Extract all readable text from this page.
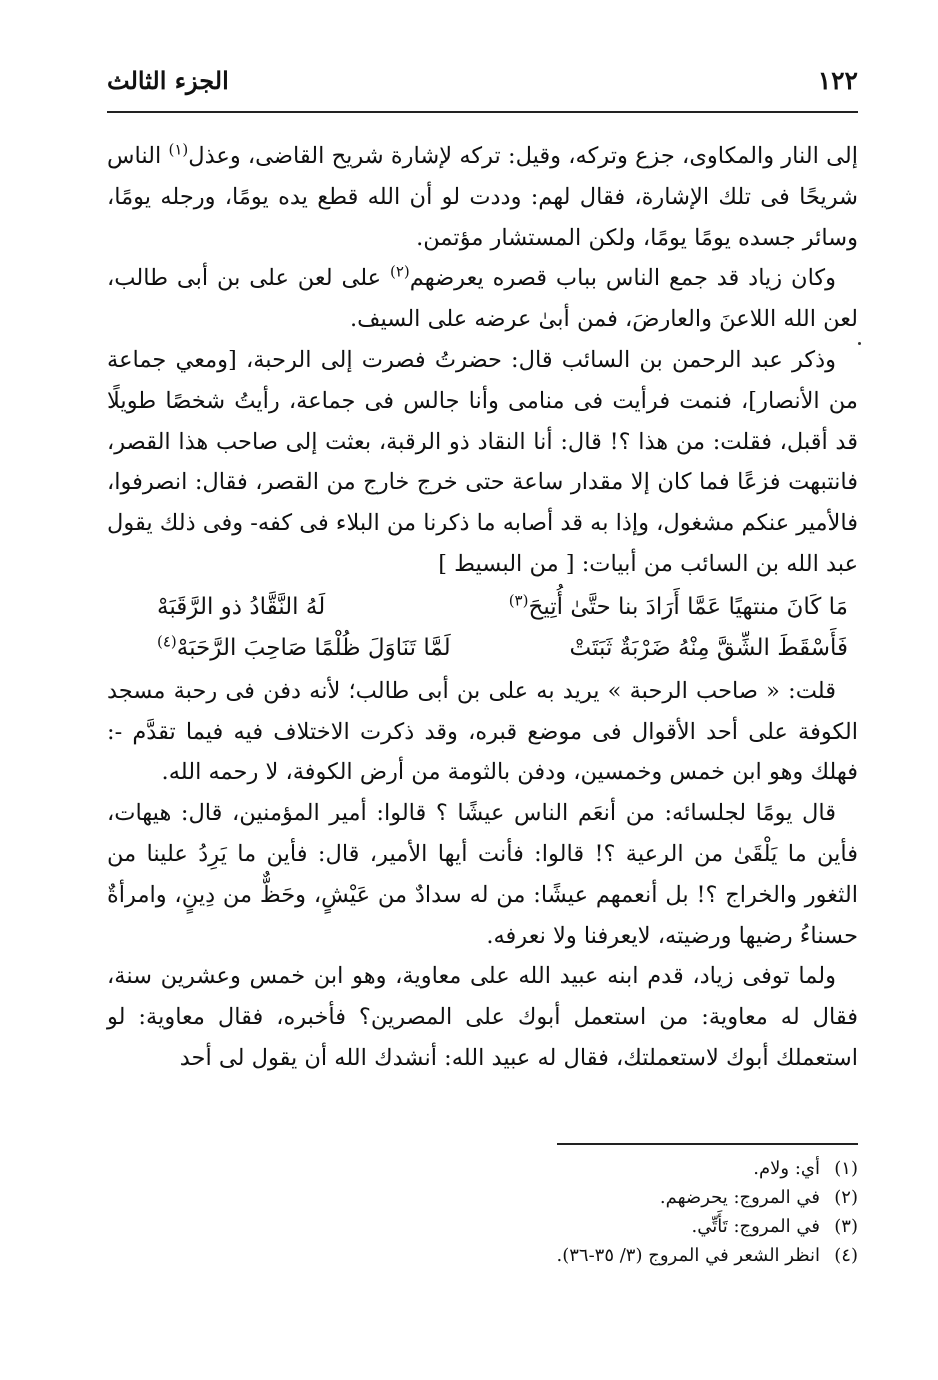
١٢٢
الجزء الثالث

إلى النار والمكاوى، جزع وتركه، وقيل: تركه لإشارة شريح القاضى، وعذل$^{(١)}$ الناس شريحًا فى تلك الإشارة، فقال لهم: وددت لو أن الله قطع يده يومًا، ورجله يومًا، وسائر جسده يومًا يومًا، ولكن المستشار مؤتمن.

وكان زياد قد جمع الناس بباب قصره يعرضهم$^{(٢)}$ على لعن على بن أبى طالب، لعن الله اللاعنَ والعارضَ، فمن أبىٰ عرضه على السيف.

وذكر عبد الرحمن بن السائب قال: حضرتُ فصرت إلى الرحبة، [ومعي جماعة من الأنصار]، فنمت فرأيت فى منامى وأنا جالس فى جماعة، رأيتُ شخصًا طويلًا قد أقبل، فقلت: من هذا ؟! قال: أنا النقاد ذو الرقبة، بعثت إلى صاحب هذا القصر، فانتبهت فزعًا فما كان إلا مقدار ساعة حتى خرج خارج من القصر، فقال: انصرفوا، فالأمير عنكم مشغول، وإذا به قد أصابه ما ذكرنا من البلاء فى كفه- وفى ذلك يقول عبد الله بن السائب من أبيات: [ من البسيط ]

مَا كَانَ منتهيًا عَمَّا أَرَادَ بنا حتَّىٰ أُتِيحَ$^{(٣)}$
لَهُ النَّقَّادُ ذو الرَّقَبَهْ
فَأَسْقَطَ الشِّقَّ مِنْهُ ضَرْبَةٌ ثَبَتَتْ
لَمَّا تَنَاوَلَ ظُلْمًا صَاحِبَ الرَّحَبَهْ$^{(٤)}$

قلت: « صاحب الرحبة » يريد به على بن أبى طالب؛ لأنه دفن فى رحبة مسجد الكوفة على أحد الأقوال فى موضع قبره، وقد ذكرت الاختلاف فيه فيما تقدَّم -: فهلك وهو ابن خمس وخمسين، ودفن بالثومة من أرض الكوفة، لا رحمه الله.

قال يومًا لجلسائه: من أنعَم الناس عيشًا ؟ قالوا: أمير المؤمنين، قال: هيهات، فأين ما يَلْقَىٰ من الرعية ؟! قالوا: فأنت أيها الأمير، قال: فأين ما يَرِدُ علينا من الثغور والخراج ؟! بل أنعمهم عيشًا: من له سدادٌ من عَيْشٍ، وحَظٌّ من دِينٍ، وامرأةٌ حسناءُ رضيها ورضيته، لايعرفنا ولا نعرفه.

ولما توفى زياد، قدم ابنه عبيد الله على معاوية، وهو ابن خمس وعشرين سنة، فقال له معاوية: من استعمل أبوك على المصرين؟ فأخبره، فقال معاوية: لو استعملك أبوك لاستعملتك، فقال له عبيد الله: أنشدك الله أن يقول لى أحد

(١)أي: ولام.
(٢)في المروج: يحرضهم.
(٣)في المروج: تَأَتِّي.
(٤)انظر الشعر في المروج (٣/ ٣٥-٣٦).
